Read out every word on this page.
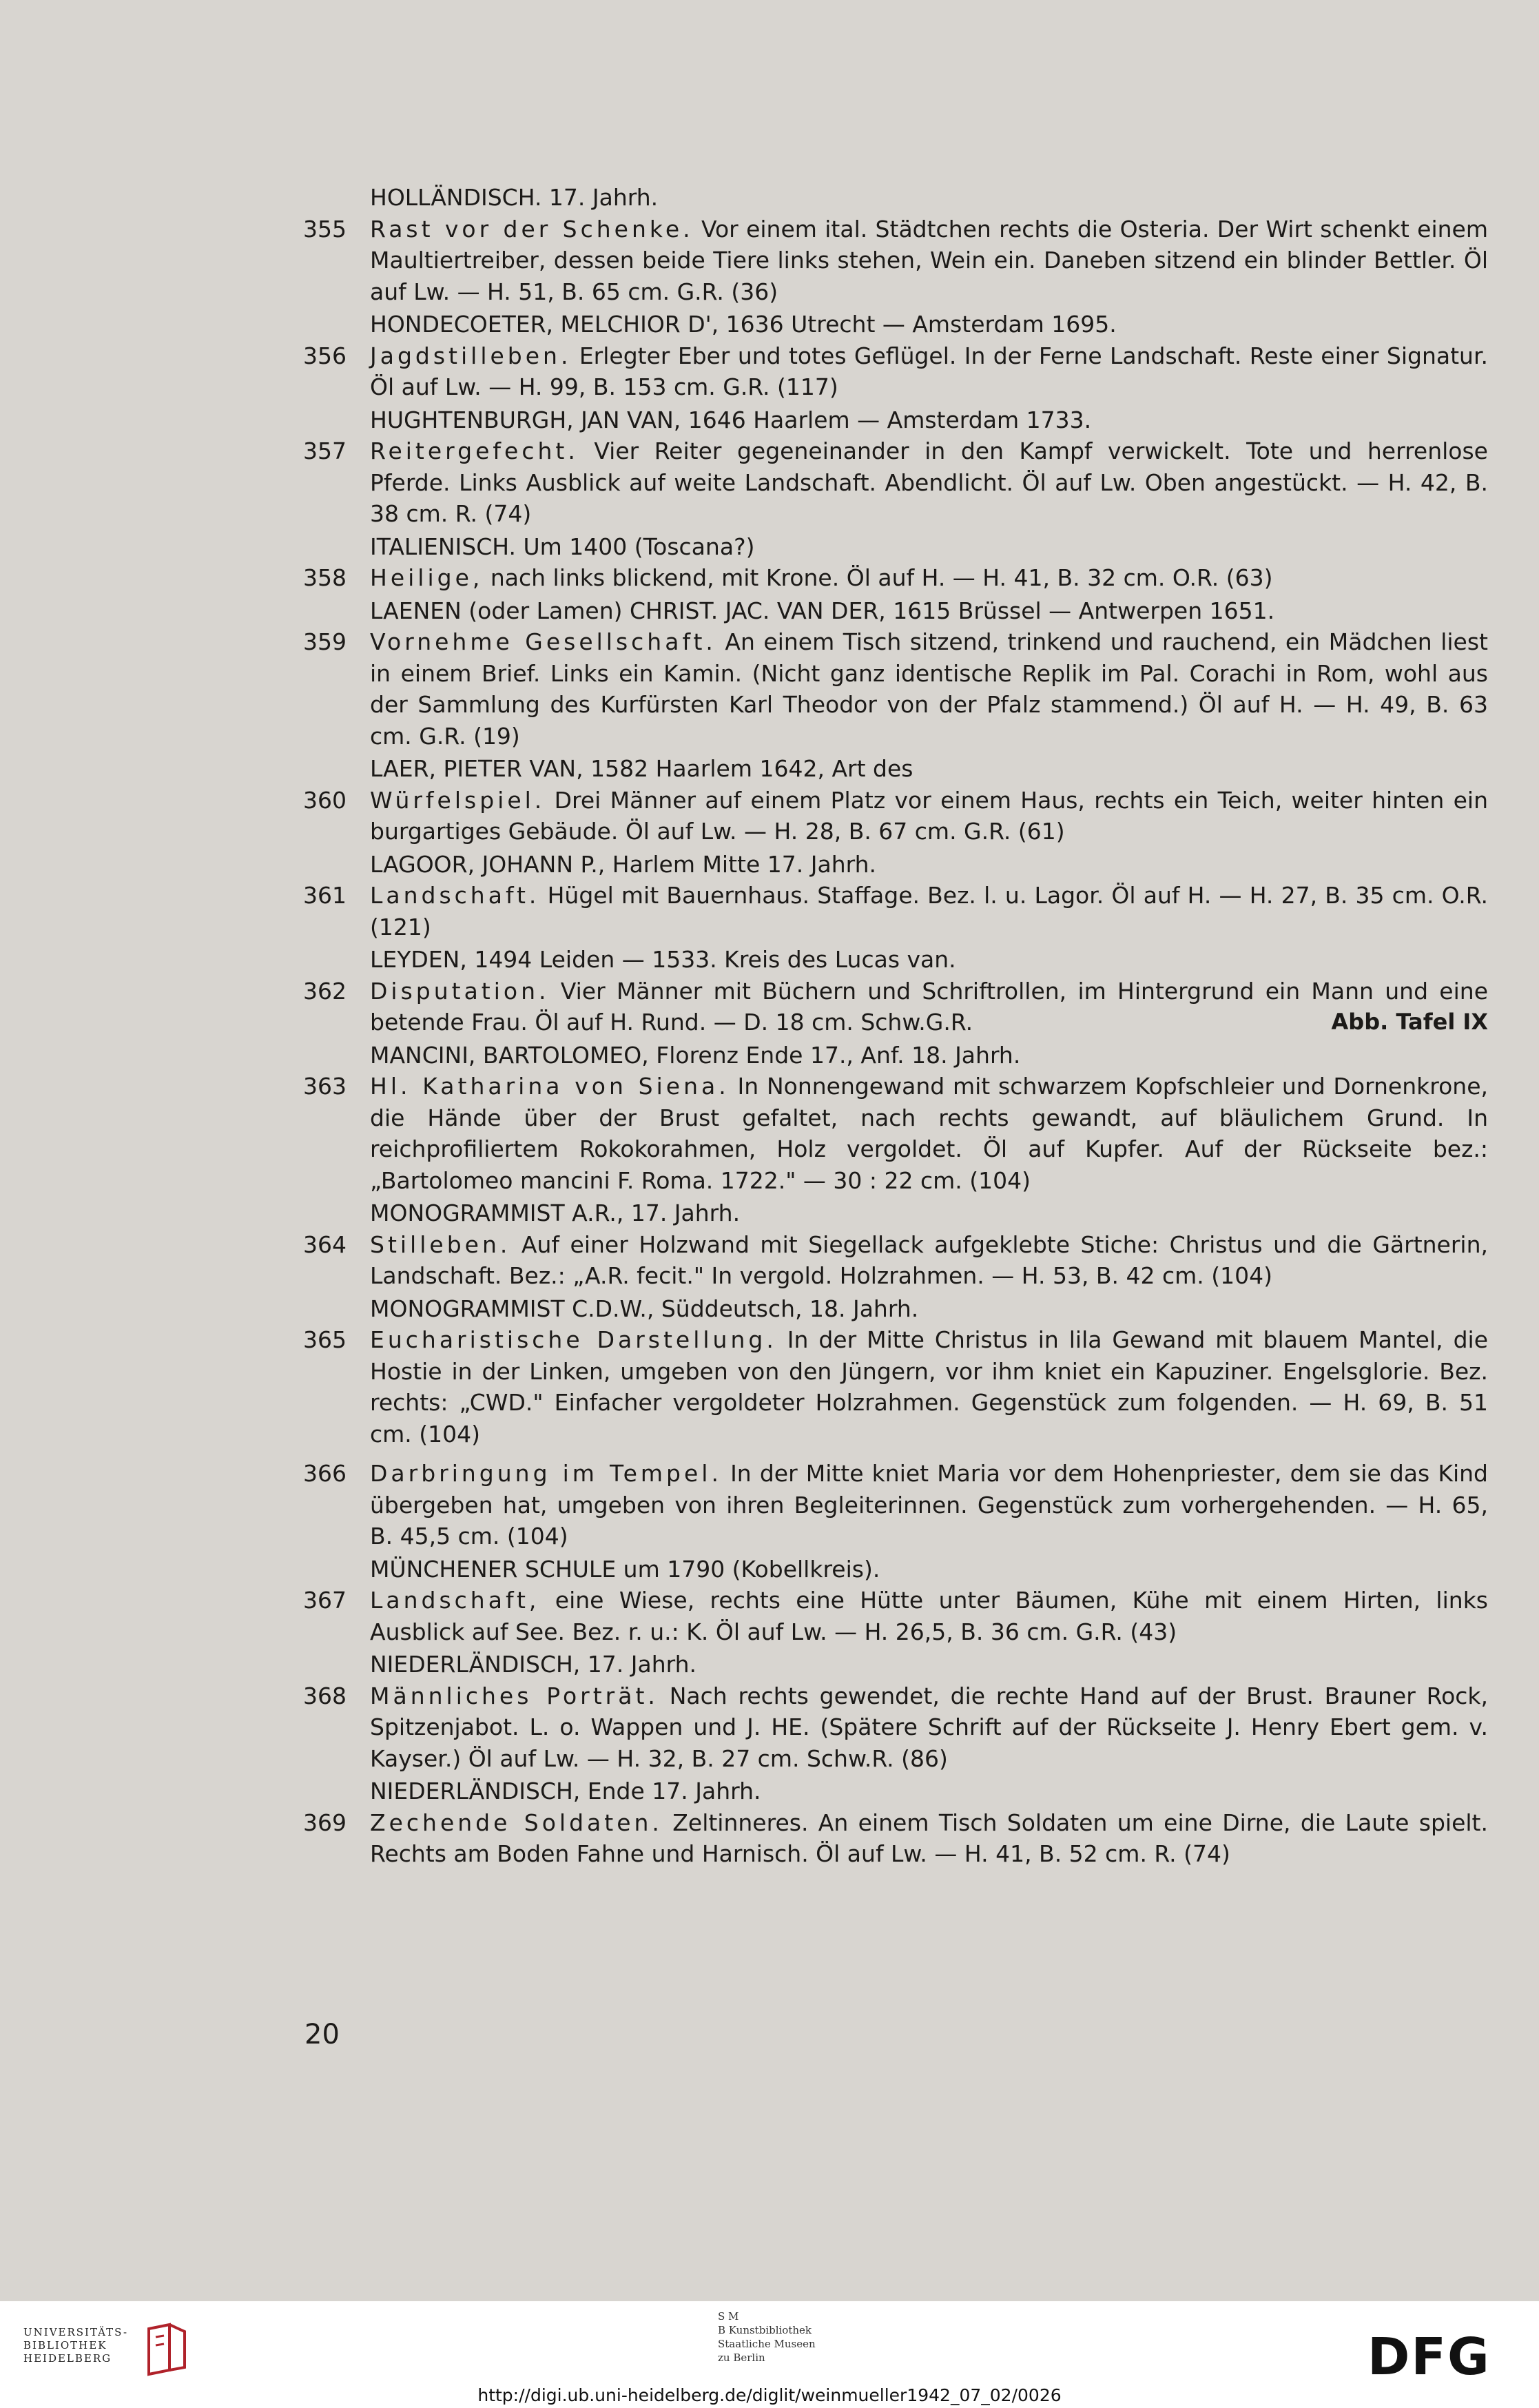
HOLLÄNDISCH. 17. Jahrh.
355 Rast vor der Schenke. Vor einem ital. Städtchen rechts die Osteria. Der Wirt schenkt einem Maultiertreiber, dessen beide Tiere links stehen, Wein ein. Daneben sitzend ein blinder Bettler. Öl auf Lw. — H. 51, B. 65 cm. G.R. (36)
HONDECOETER, MELCHIOR D', 1636 Utrecht — Amsterdam 1695.
356 Jagdstilleben. Erlegter Eber und totes Geflügel. In der Ferne Landschaft. Reste einer Signatur. Öl auf Lw. — H. 99, B. 153 cm. G.R. (117)
HUGHTENBURGH, JAN VAN, 1646 Haarlem — Amsterdam 1733.
357 Reitergefecht. Vier Reiter gegeneinander in den Kampf verwickelt. Tote und herrenlose Pferde. Links Ausblick auf weite Landschaft. Abendlicht. Öl auf Lw. Oben angestückt. — H. 42, B. 38 cm. R. (74)
ITALIENISCH. Um 1400 (Toscana?)
358 Heilige, nach links blickend, mit Krone. Öl auf H. — H. 41, B. 32 cm. O.R. (63)
LAENEN (oder Lamen) CHRIST. JAC. VAN DER, 1615 Brüssel — Antwerpen 1651.
359 Vornehme Gesellschaft. An einem Tisch sitzend, trinkend und rauchend, ein Mädchen liest in einem Brief. Links ein Kamin. (Nicht ganz identische Replik im Pal. Corachi in Rom, wohl aus der Sammlung des Kurfürsten Karl Theodor von der Pfalz stammend.) Öl auf H. — H. 49, B. 63 cm. G.R. (19)
LAER, PIETER VAN, 1582 Haarlem 1642, Art des
360 Würfelspiel. Drei Männer auf einem Platz vor einem Haus, rechts ein Teich, weiter hinten ein burgartiges Gebäude. Öl auf Lw. — H. 28, B. 67 cm. G.R. (61)
LAGOOR, JOHANN P., Harlem Mitte 17. Jahrh.
361 Landschaft. Hügel mit Bauernhaus. Staffage. Bez. l. u. Lagor. Öl auf H. — H. 27, B. 35 cm. O.R. (121)
LEYDEN, 1494 Leiden — 1533. Kreis des Lucas van.
362 Disputation. Vier Männer mit Büchern und Schriftrollen, im Hintergrund ein Mann und eine betende Frau. Öl auf H. Rund. — D. 18 cm. Schw.G.R.	Abb. Tafel IX
MANCINI, BARTOLOMEO, Florenz Ende 17., Anf. 18. Jahrh.
363 Hl. Katharina von Siena. In Nonnengewand mit schwarzem Kopfschleier und Dornenkrone, die Hände über der Brust gefaltet, nach rechts gewandt, auf bläulichem Grund. In reichprofiliertem Rokokorahmen, Holz vergoldet. Öl auf Kupfer. Auf der Rückseite bez.: „Bartolomeo mancini F. Roma. 1722." — 30 : 22 cm. (104)
MONOGRAMMIST A.R., 17. Jahrh.
364 Stilleben. Auf einer Holzwand mit Siegellack aufgeklebte Stiche: Christus und die Gärtnerin, Landschaft. Bez.: „A.R. fecit." In vergold. Holzrahmen. — H. 53, B. 42 cm. (104)
MONOGRAMMIST C.D.W., Süddeutsch, 18. Jahrh.
365 Eucharistische Darstellung. In der Mitte Christus in lila Gewand mit blauem Mantel, die Hostie in der Linken, umgeben von den Jüngern, vor ihm kniet ein Kapuziner. Engelsglorie. Bez. rechts: „CWD." Einfacher vergoldeter Holzrahmen. Gegenstück zum folgenden. — H. 69, B. 51 cm. (104)
366 Darbringung im Tempel. In der Mitte kniet Maria vor dem Hohenpriester, dem sie das Kind übergeben hat, umgeben von ihren Begleiterinnen. Gegenstück zum vorhergehenden. — H. 65, B. 45,5 cm. (104)
MÜNCHENER SCHULE um 1790 (Kobellkreis).
367 Landschaft, eine Wiese, rechts eine Hütte unter Bäumen, Kühe mit einem Hirten, links Ausblick auf See. Bez. r. u.: K. Öl auf Lw. — H. 26,5, B. 36 cm. G.R. (43)
NIEDERLÄNDISCH, 17. Jahrh.
368 Männliches Porträt. Nach rechts gewendet, die rechte Hand auf der Brust. Brauner Rock, Spitzenjabot. L. o. Wappen und J. HE. (Spätere Schrift auf der Rückseite J. Henry Ebert gem. v. Kayser.) Öl auf Lw. — H. 32, B. 27 cm. Schw.R. (86)
NIEDERLÄNDISCH, Ende 17. Jahrh.
369 Zechende Soldaten. Zeltinneres. An einem Tisch Soldaten um eine Dirne, die Laute spielt. Rechts am Boden Fahne und Harnisch. Öl auf Lw. — H. 41, B. 52 cm. R. (74)
20
UNIVERSITÄTS-
BIBLIOTHEK
HEIDELBERG
S M
B Kunstbibliothek
Staatliche Museen
zu Berlin	DFG
http://digi.ub.uni-heidelberg.de/diglit/weinmueller1942_07_02/0026
